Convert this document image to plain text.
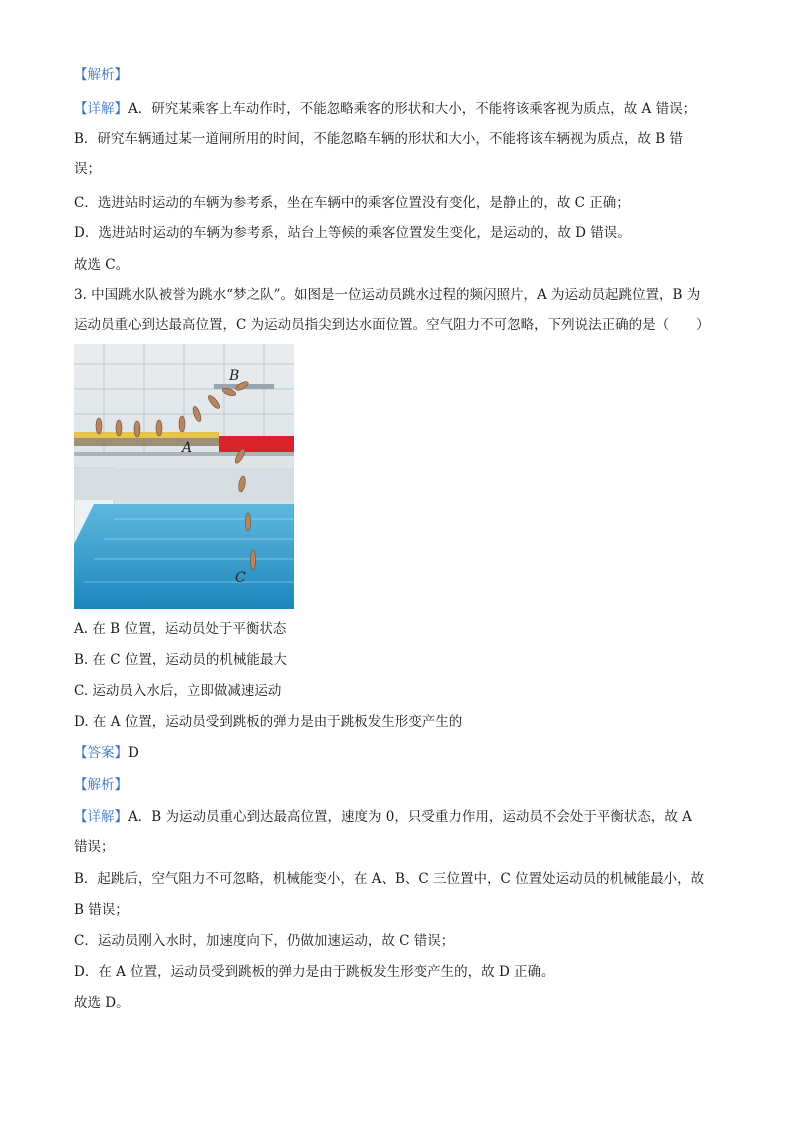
【解析】
【详解】A．研究某乘客上车动作时，不能忽略乘客的形状和大小，不能将该乘客视为质点，故 A 错误；
B．研究车辆通过某一道闸所用的时间，不能忽略车辆的形状和大小，不能将该车辆视为质点，故 B 错
误；
C．选进站时运动的车辆为参考系，坐在车辆中的乘客位置没有变化，是静止的，故 C 正确；
D．选进站时运动的车辆为参考系，站台上等候的乘客位置发生变化，是运动的，故 D 错误。
故选 C。
3. 中国跳水队被誉为跳水“梦之队”。如图是一位运动员跳水过程的频闪照片，A 为运动员起跳位置，B 为
运动员重心到达最高位置，C 为运动员指尖到达水面位置。空气阻力不可忽略，下列说法正确的是（　　）
A
B
C
A. 在 B 位置，运动员处于平衡状态
B. 在 C 位置，运动员的机械能最大
C. 运动员入水后，立即做减速运动
D. 在 A 位置，运动员受到跳板的弹力是由于跳板发生形变产生的
【答案】D
【解析】
【详解】A．B 为运动员重心到达最高位置，速度为 0，只受重力作用，运动员不会处于平衡状态，故 A
错误；
B．起跳后，空气阻力不可忽略，机械能变小，在 A、B、C 三位置中，C 位置处运动员的机械能最小，故
B 错误；
C．运动员刚入水时，加速度向下，仍做加速运动，故 C 错误；
D．在 A 位置，运动员受到跳板的弹力是由于跳板发生形变产生的，故 D 正确。
故选 D。
